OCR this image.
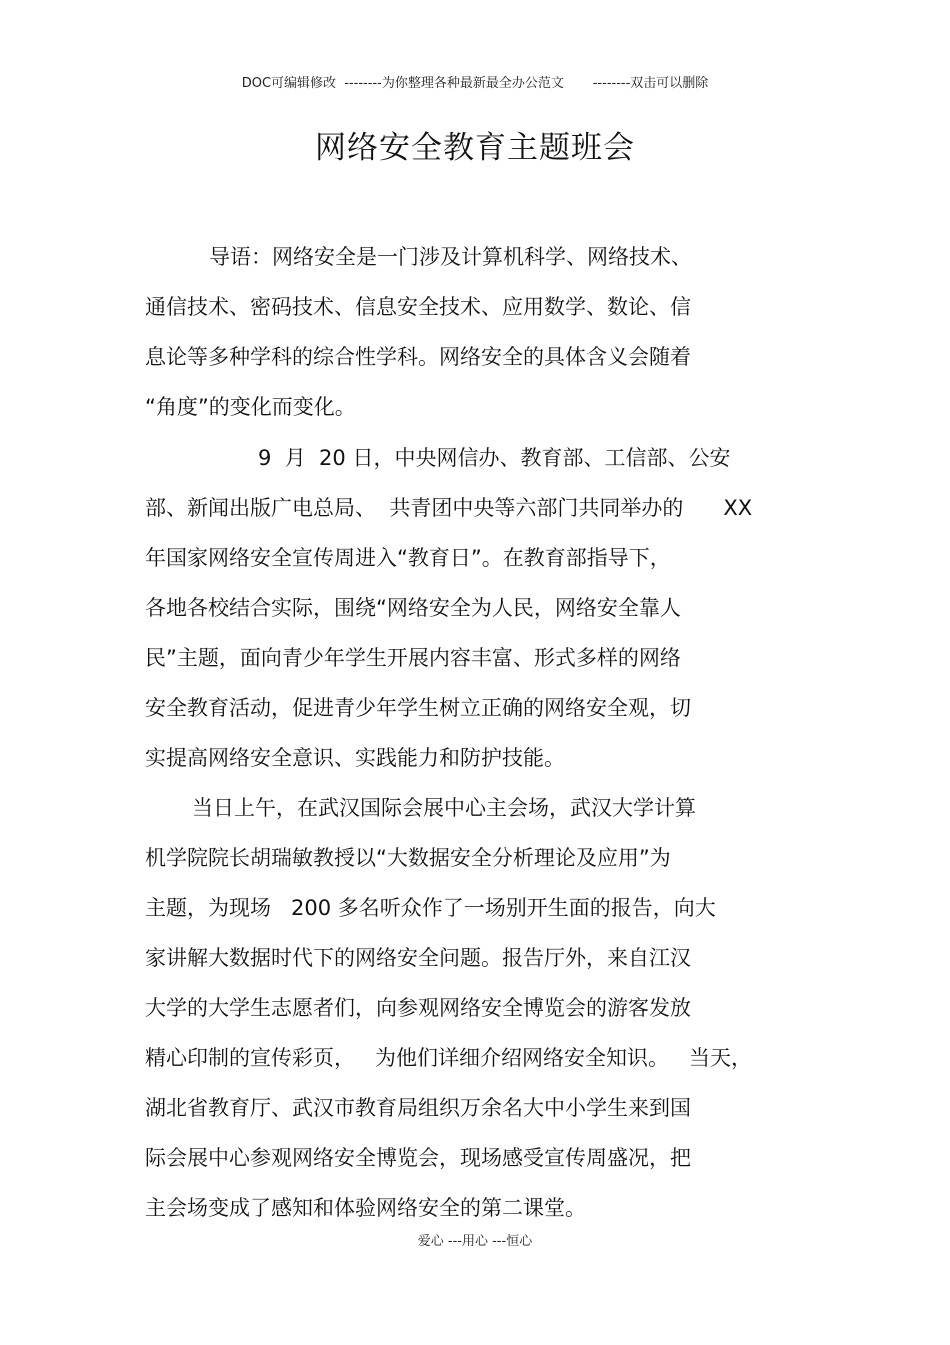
DOC可编辑修改  --------为你整理各种最新最全办公范文       --------双击可以删除
网络安全教育主题班会
导语：网络安全是一门涉及计算机科学、网络技术、
通信技术、密码技术、信息安全技术、应用数学、数论、信
息论等多种学科的综合性学科。网络安全的具体含义会随着
“角度”的变化而变化。
9  月  20 日，中央网信办、教育部、工信部、公安
部、新闻出版广电总局、  共青团中央等六部门共同举办的      XX
年国家网络安全宣传周进入“教育日”。在教育部指导下，
各地各校结合实际，围绕“网络安全为人民，网络安全靠人
民”主题，面向青少年学生开展内容丰富、形式多样的网络
安全教育活动，促进青少年学生树立正确的网络安全观，切
实提高网络安全意识、实践能力和防护技能。
当日上午，在武汉国际会展中心主会场，武汉大学计算
机学院院长胡瑞敏教授以“大数据安全分析理论及应用”为
主题，为现场   200 多名听众作了一场别开生面的报告，向大
家讲解大数据时代下的网络安全问题。报告厅外，来自江汉
大学的大学生志愿者们，向参观网络安全博览会的游客发放
精心印制的宣传彩页，   为他们详细介绍网络安全知识。   当天，
湖北省教育厅、武汉市教育局组织万余名大中小学生来到国
际会展中心参观网络安全博览会，现场感受宣传周盛况，把
主会场变成了感知和体验网络安全的第二课堂。
爱心 ---用心 ---恒心
